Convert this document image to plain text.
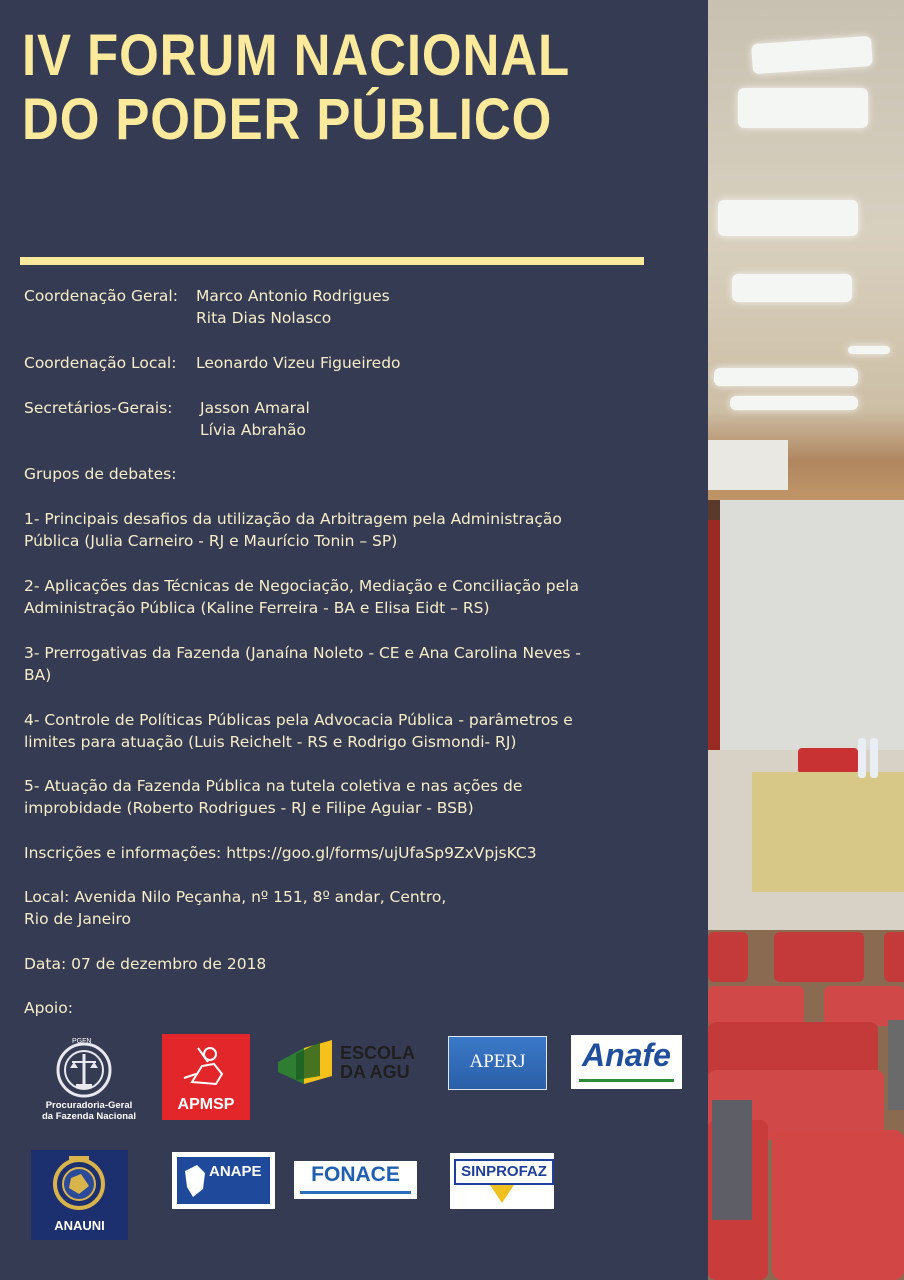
IV FORUM NACIONAL
DO PODER PÚBLICO
Coordenação Geral: Marco Antonio Rodrigues
Rita Dias Nolasco
Coordenação Local: Leonardo Vizeu Figueiredo
Secretários-Gerais: Jasson Amaral
Lívia Abrahão
Grupos de debates:
1- Principais desafios da utilização da Arbitragem pela Administração
Pública (Julia Carneiro - RJ e Maurício Tonin – SP)
2- Aplicações das Técnicas de Negociação, Mediação e Conciliação pela
Administração Pública (Kaline Ferreira - BA e Elisa Eidt – RS)
3- Prerrogativas da Fazenda (Janaína Noleto - CE e Ana Carolina Neves -
BA)
4- Controle de Políticas Públicas pela Advocacia Pública - parâmetros e
limites para atuação (Luis Reichelt - RS e Rodrigo Gismondi- RJ)
5- Atuação da Fazenda Pública na tutela coletiva e nas ações de
improbidade (Roberto Rodrigues - RJ e Filipe Aguiar - BSB)
Inscrições e informações: https://goo.gl/forms/ujUfaSp9ZxVpjsKC3
Local: Avenida Nilo Peçanha, nº 151, 8º andar, Centro,
Rio de Janeiro
Data: 07 de dezembro de 2018
Apoio:
PGFN
Procuradoria-Geral
da Fazenda Nacional
APMSP
ESCOLA
DA AGU	APERJ	Anafe
ANAUNI
ANAPE	FONACE	SINPROFAZ
